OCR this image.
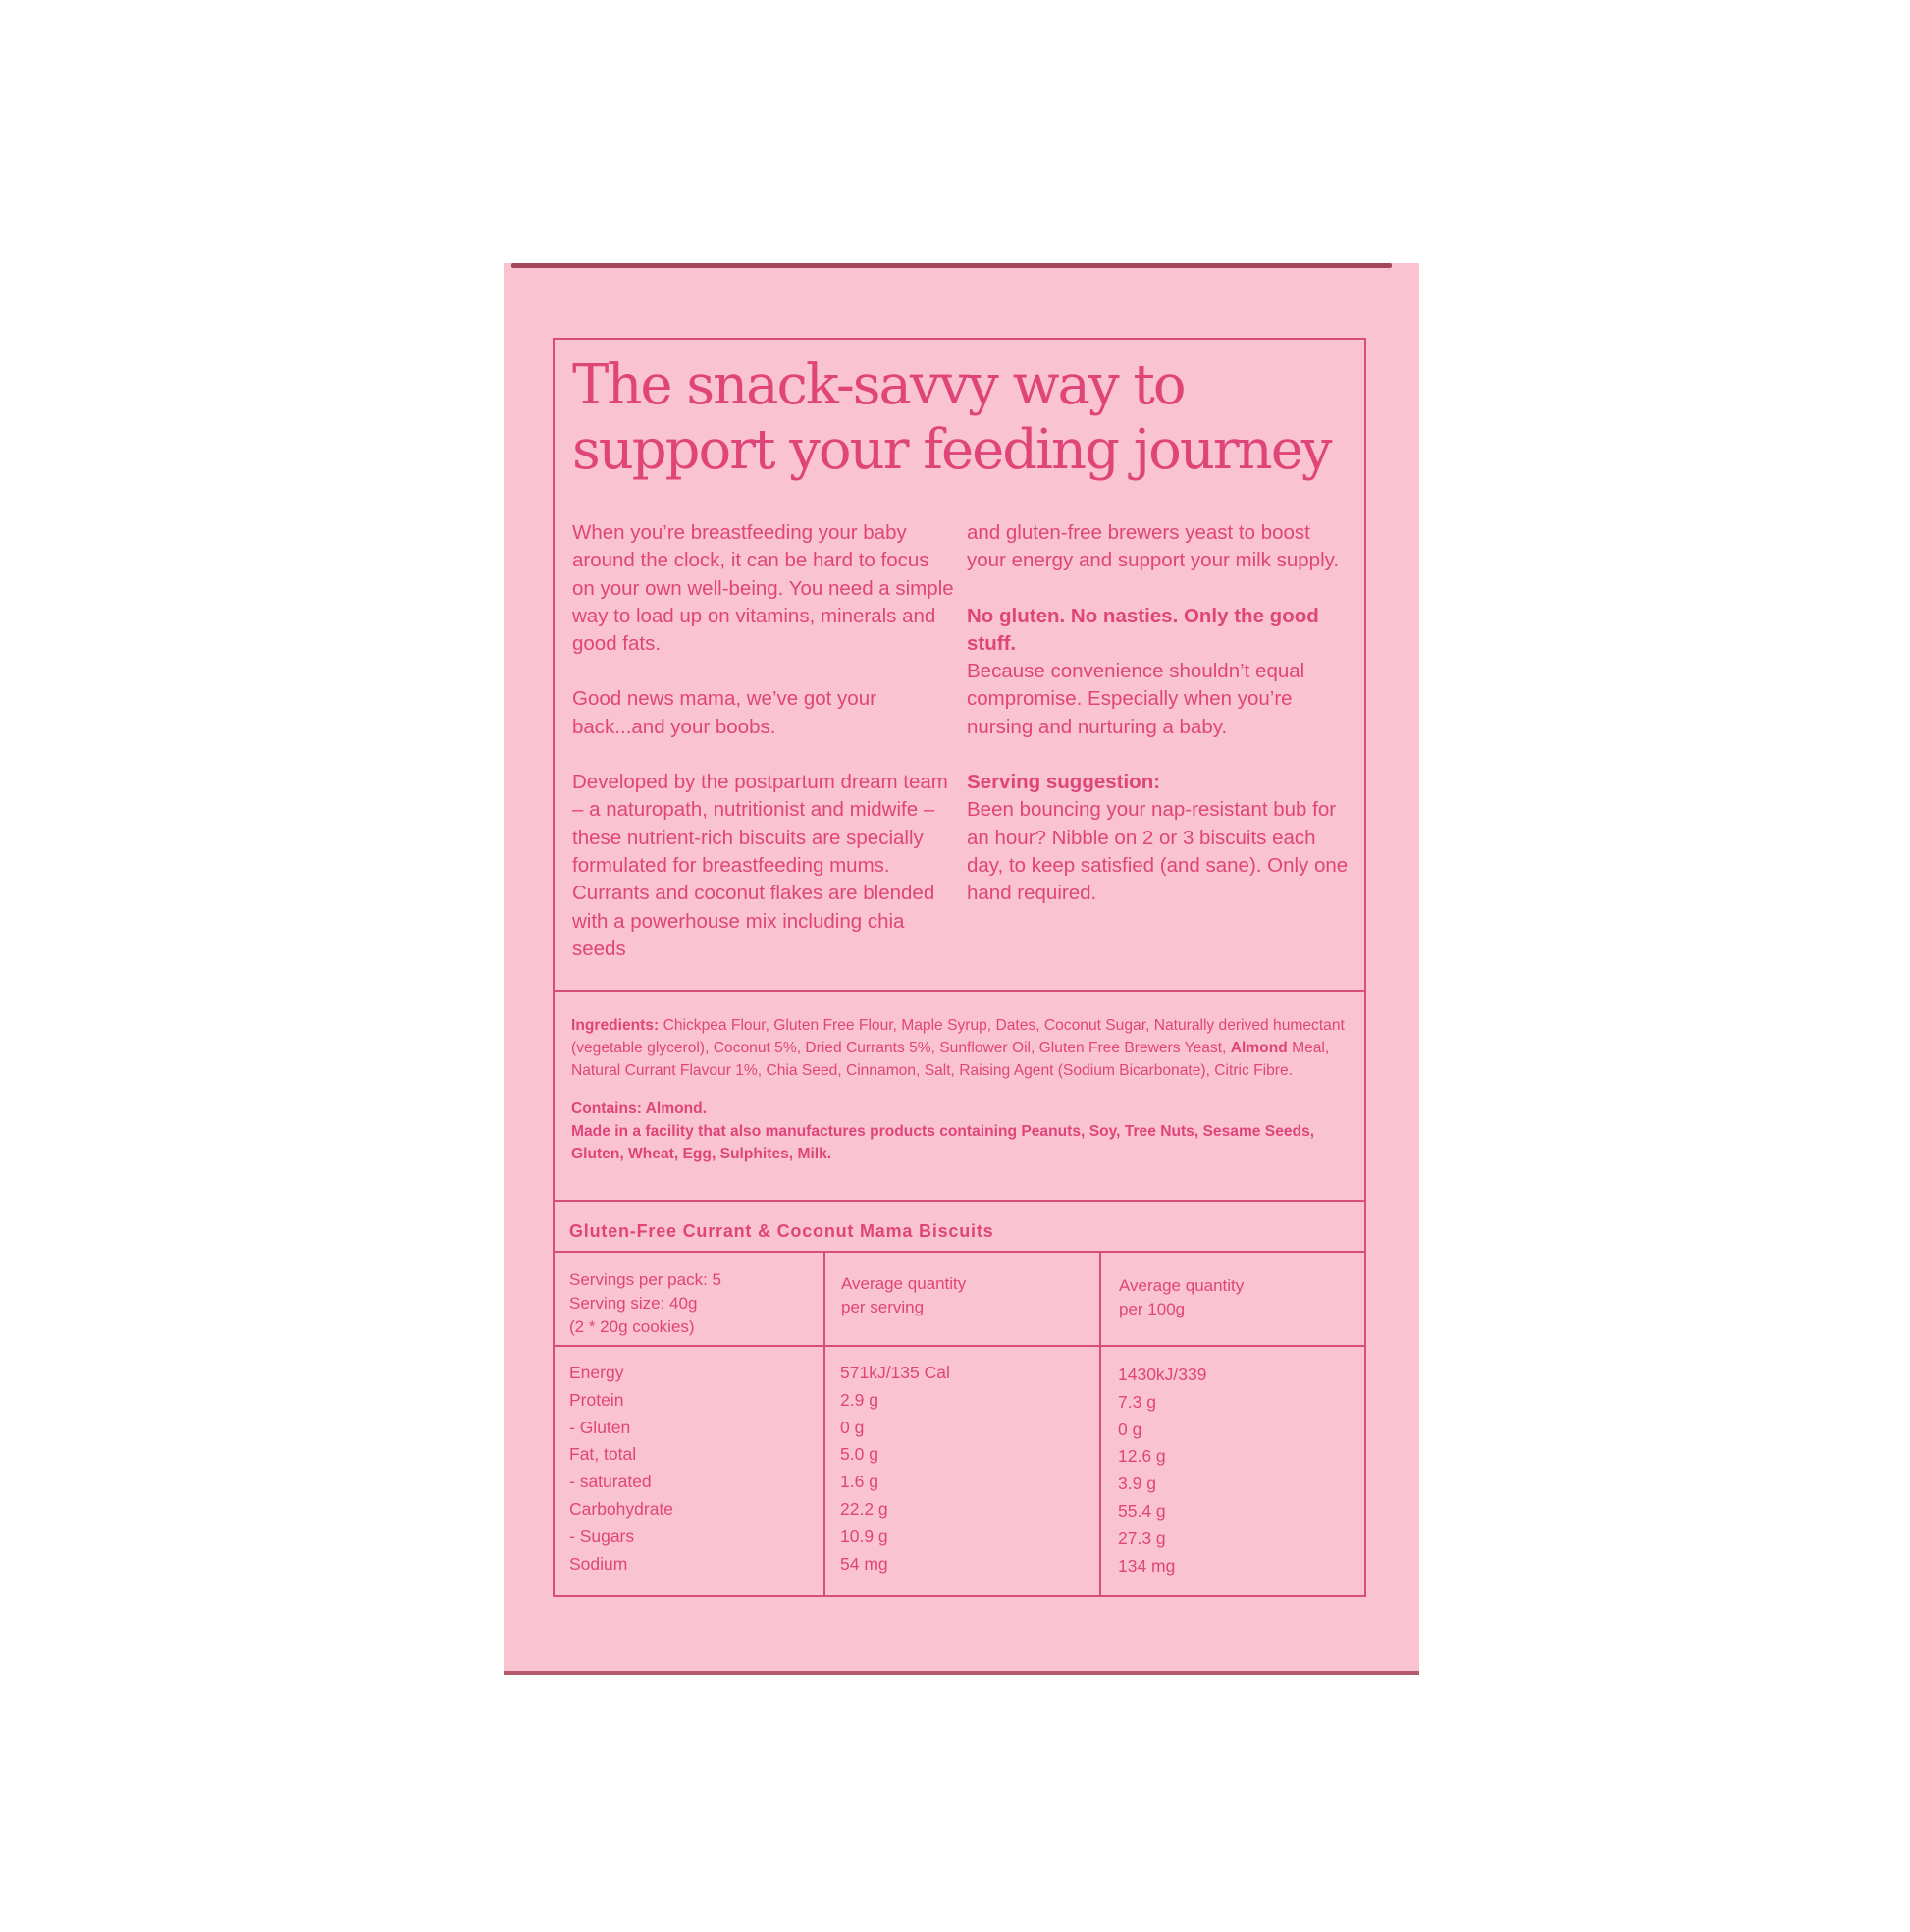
The snack-savvy way to
support your feeding journey

When you’re breastfeeding your baby around the clock, it can be hard to focus on your own well-being. You need a simple way to load up on vitamins, minerals and good fats.

Good news mama, we’ve got your back...and your boobs.

Developed by the postpartum dream team – a naturopath, nutritionist and midwife – these nutrient-rich biscuits are specially formulated for breastfeeding mums. Currants and coconut flakes are blended with a powerhouse mix including chia seeds

and gluten-free brewers yeast to boost your energy and support your milk supply.

No gluten. No nasties. Only the good stuff.
Because convenience shouldn’t equal compromise. Especially when you’re nursing and nurturing a baby.

Serving suggestion:
Been bouncing your nap-resistant bub for an hour? Nibble on 2 or 3 biscuits each day, to keep satisfied (and sane). Only one hand required.

Ingredients: Chickpea Flour, Gluten Free Flour, Maple Syrup, Dates, Coconut Sugar, Naturally derived humectant (vegetable glycerol), Coconut 5%, Dried Currants 5%, Sunflower Oil, Gluten Free Brewers Yeast, Almond Meal, Natural Currant Flavour 1%, Chia Seed, Cinnamon, Salt, Raising Agent (Sodium Bicarbonate), Citric Fibre.

Contains: Almond.
Made in a facility that also manufactures products containing Peanuts, Soy, Tree Nuts, Sesame Seeds, Gluten, Wheat, Egg, Sulphites, Milk.

Gluten-Free Currant & Coconut Mama Biscuits
Servings per pack: 5
Serving size: 40g
(2 * 20g cookies)
Average quantity
per serving
Average quantity
per 100g
Energy
Protein
- Gluten
Fat, total
- saturated
Carbohydrate
- Sugars
Sodium
571kJ/135 Cal
2.9 g
0 g
5.0 g
1.6 g
22.2 g
10.9 g
54 mg
1430kJ/339
7.3 g
0 g
12.6 g
3.9 g
55.4 g
27.3 g
134 mg
